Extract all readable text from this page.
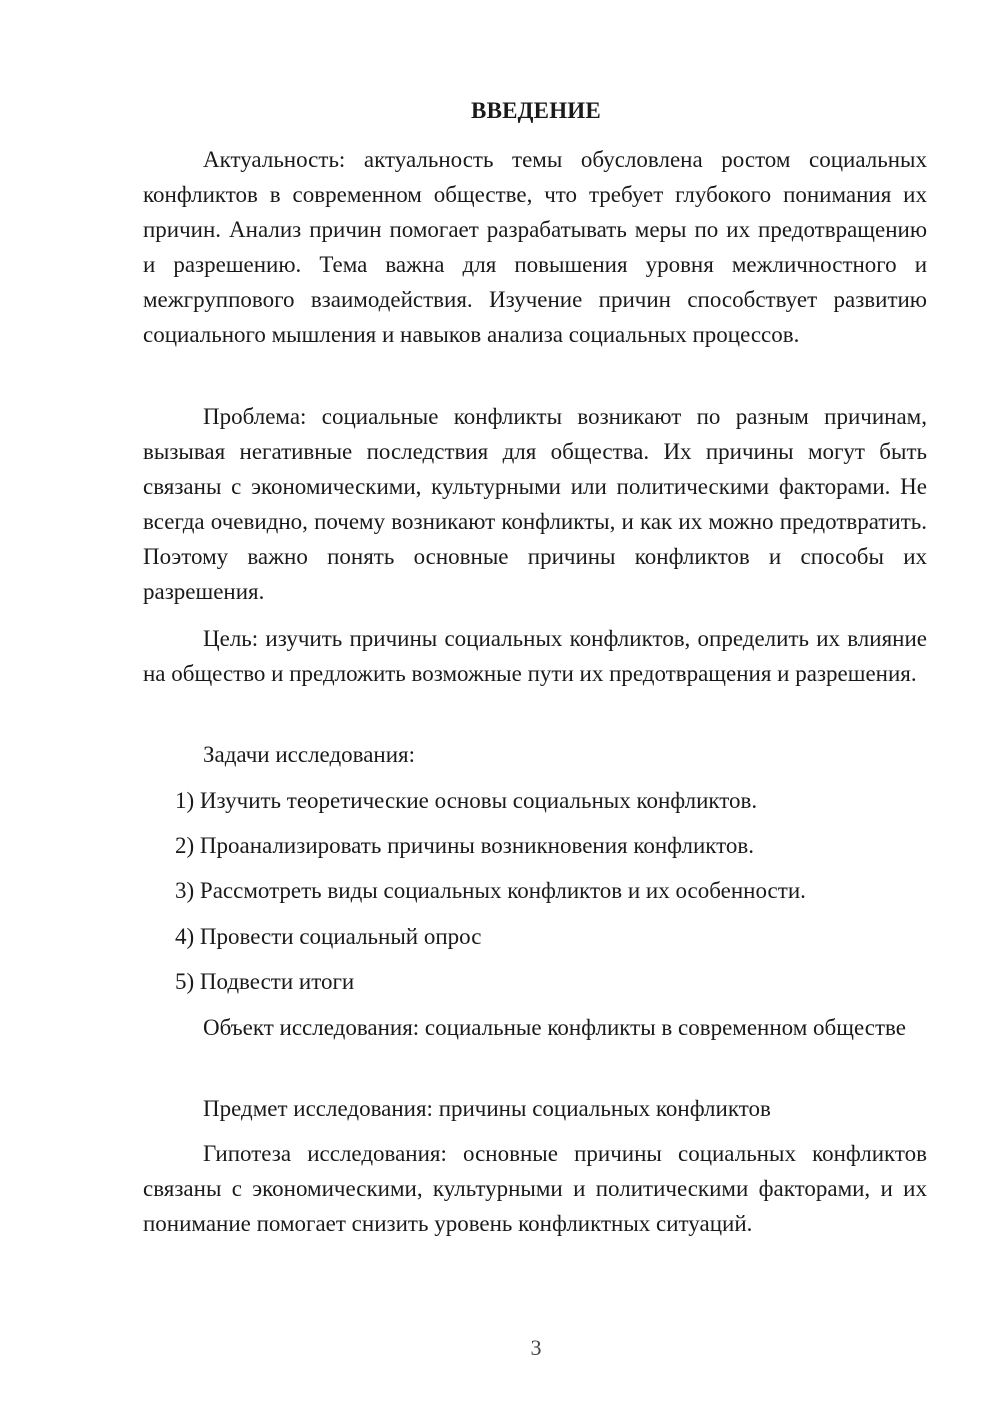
ВВЕДЕНИЕ

Актуальность: актуальность темы обусловлена ростом социальных конфликтов в современном обществе, что требует глубокого понимания их причин. Анализ причин помогает разрабатывать меры по их предотвращению и разрешению. Тема важна для повышения уровня межличностного и межгруппового взаимодействия. Изучение причин способствует развитию социального мышления и навыков анализа социальных процессов.

Проблема: социальные конфликты возникают по разным причинам, вызывая негативные последствия для общества. Их причины могут быть связаны с экономическими, культурными или политическими факторами. Не всегда очевидно, почему возникают конфликты, и как их можно предотвратить. Поэтому важно понять основные причины конфликтов и способы их разрешения.

Цель: изучить причины социальных конфликтов, определить их влияние на общество и предложить возможные пути их предотвращения и разрешения.

Задачи исследования:

1) Изучить теоретические основы социальных конфликтов.

2) Проанализировать причины возникновения конфликтов.

3) Рассмотреть виды социальных конфликтов и их особенности.

4) Провести социальный опрос

5) Подвести итоги

Объект исследования: социальные конфликты в современном обществе

Предмет исследования: причины социальных конфликтов

Гипотеза исследования: основные причины социальных конфликтов связаны с экономическими, культурными и политическими факторами, и их понимание помогает снизить уровень конфликтных ситуаций.

3
